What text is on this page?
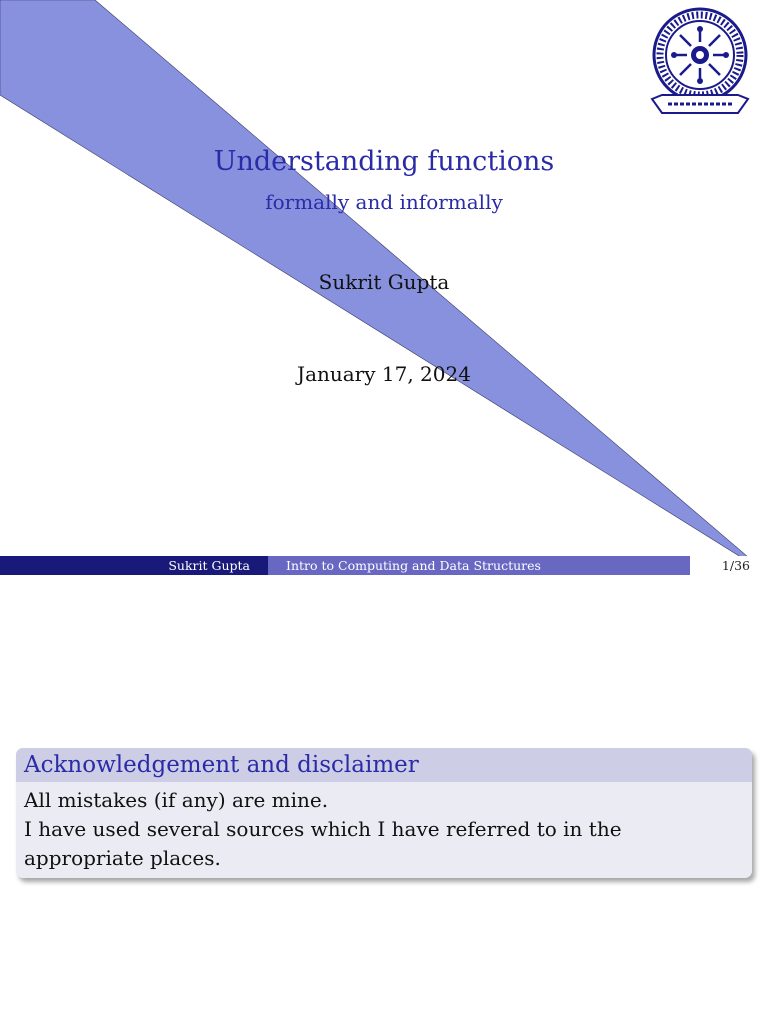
Understanding functions
formally and informally
Sukrit Gupta
January 17, 2024
Sukrit Gupta	Intro to Computing and Data Structures	1/36
Acknowledgement and disclaimer

All mistakes (if any) are mine.

I have used several sources which I have referred to in the appropriate places.
